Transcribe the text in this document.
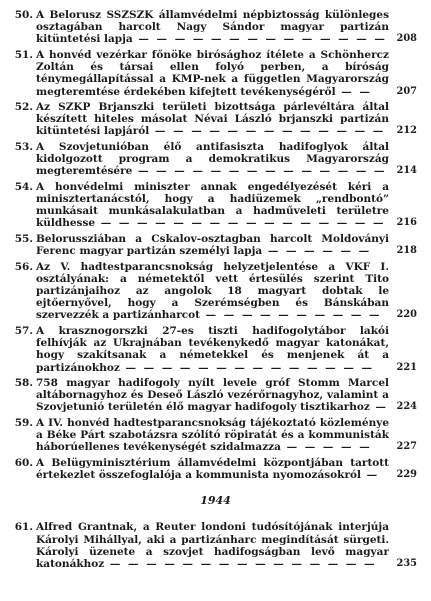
50. A Belorusz SSZSZK államvédelmi népbiztosság különleges osztagában harcolt Nagy Sándor magyar partizán kitüntetési lapja — — — — — — — — — — — — — — 208
51. A honvéd vezérkar főnöke birósághoz ítélete a Schönhercz Zoltán és társai ellen folyó perben, a bíróság ténymegállapítással a KMP-nek a független Magyarország megteremtése érdekében kifejtett tevékenységéről — —	207
52. Az SZKP Brjanszki területi bizottsága párlevéltára által készített hiteles másolat Névai László brjanszki partizán kitüntetési lapjáról — — — — — — — — — — — — —	212
53. A Szovjetunióban élő antifasiszta hadifoglyok által kidolgozott program a demokratikus Magyarország megteremtésére — — — — — — — — — — — — — —	214
54. A honvédelmi miniszter annak engedélyezését kéri a minisztertanácstól, hogy a hadiüzemek „rendbontó” munkásait munkásalakulatban a hadműveleti területre küldhesse — — — — — — — — — — — — — — — —	216
55. Belorussziában a Cskalov-osztagban harcolt Moldoványi Ferenc magyar partizán személyi lapja — — — — — —	218
56. Az V. hadtestparancsnokság helyzetjelentése a VKF I. osztályának: a németektől vett értesülés szerint Tito partizánjaihoz az angolok 18 magyart dobtak le ejtőernyővel, hogy a Szerémségben és Bánskában szervezzék a partizánharcot — — — — — — — — — —	220
57. A krasznogorszki 27-es tiszti hadifogolytábor lakói felhívják az Ukrajnában tevékenykedő magyar katonákat, hogy szakítsanak a németekkel és menjenek át a partizánokhoz — — — — — — — — — — — — — —	221
58. 758 magyar hadifogoly nyílt levele gróf Stomm Marcel altábornagyhoz és Deseő László vezérőrnagyhoz, valamint a Szovjetunió területén élő magyar hadifogoly tisztikarhoz — 224
59. A IV. honvéd hadtestparancsnokság tájékoztató közleménye a Béke Párt szabotázsra szólító röpiratát és a kommunisták háborúellenes tevékenységét szidalmazza — — — — —	227
60. A Belügyminisztérium államvédelmi központjában tartott értekezlet összefoglalója a kommunista nyomozásokról —	229
1944
61. Alfred Grantnak, a Reuter londoni tudósítójának interjúja Károlyi Mihállyal, aki a partizánharc megindítását sürgeti. Károlyi üzenete a szovjet hadifogságban levő magyar katonákhoz — — — — — — — — — — — — — — —	235
